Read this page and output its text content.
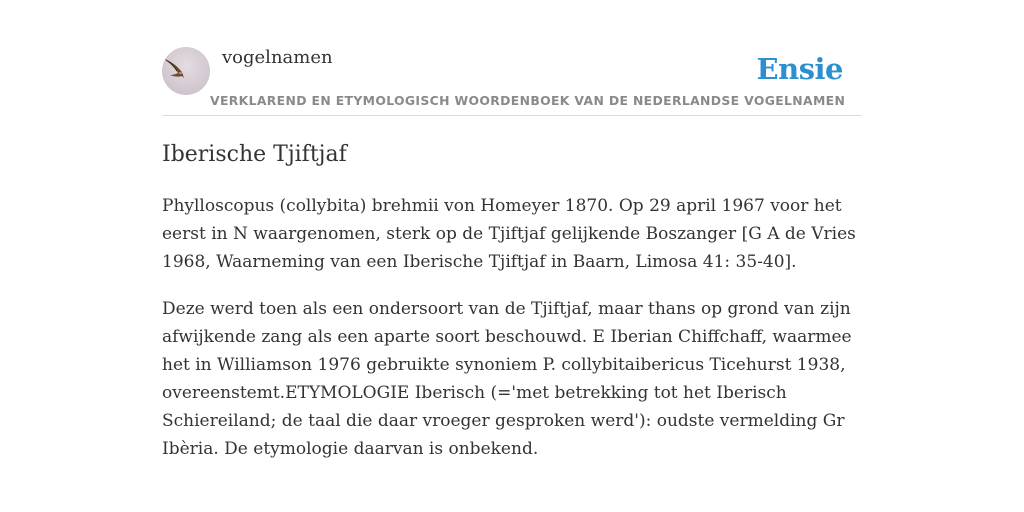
vogelnamen	Ensie
VERKLAREND EN ETYMOLOGISCH WOORDENBOEK VAN DE NEDERLANDSE VOGELNAMEN
Iberische Tjiftjaf

Phylloscopus (collybita) brehmii von Homeyer 1870. Op 29 april 1967 voor het eerst in N waargenomen, sterk op de Tjiftjaf gelijkende Boszanger [G A de Vries 1968, Waarneming van een Iberische Tjiftjaf in Baarn, Limosa 41: 35-40].

Deze werd toen als een ondersoort van de Tjiftjaf, maar thans op grond van zijn afwijkende zang als een aparte soort beschouwd. E Iberian Chiffchaff, waarmee het in Williamson 1976 gebruikte synoniem P. collybitaibericus Ticehurst 1938, overeenstemt.ETYMOLOGIE Iberisch (='met betrekking tot het Iberisch Schiereiland; de taal die daar vroeger gesproken werd'): oudste vermelding Gr Ibèria. De etymologie daarvan is onbekend.
